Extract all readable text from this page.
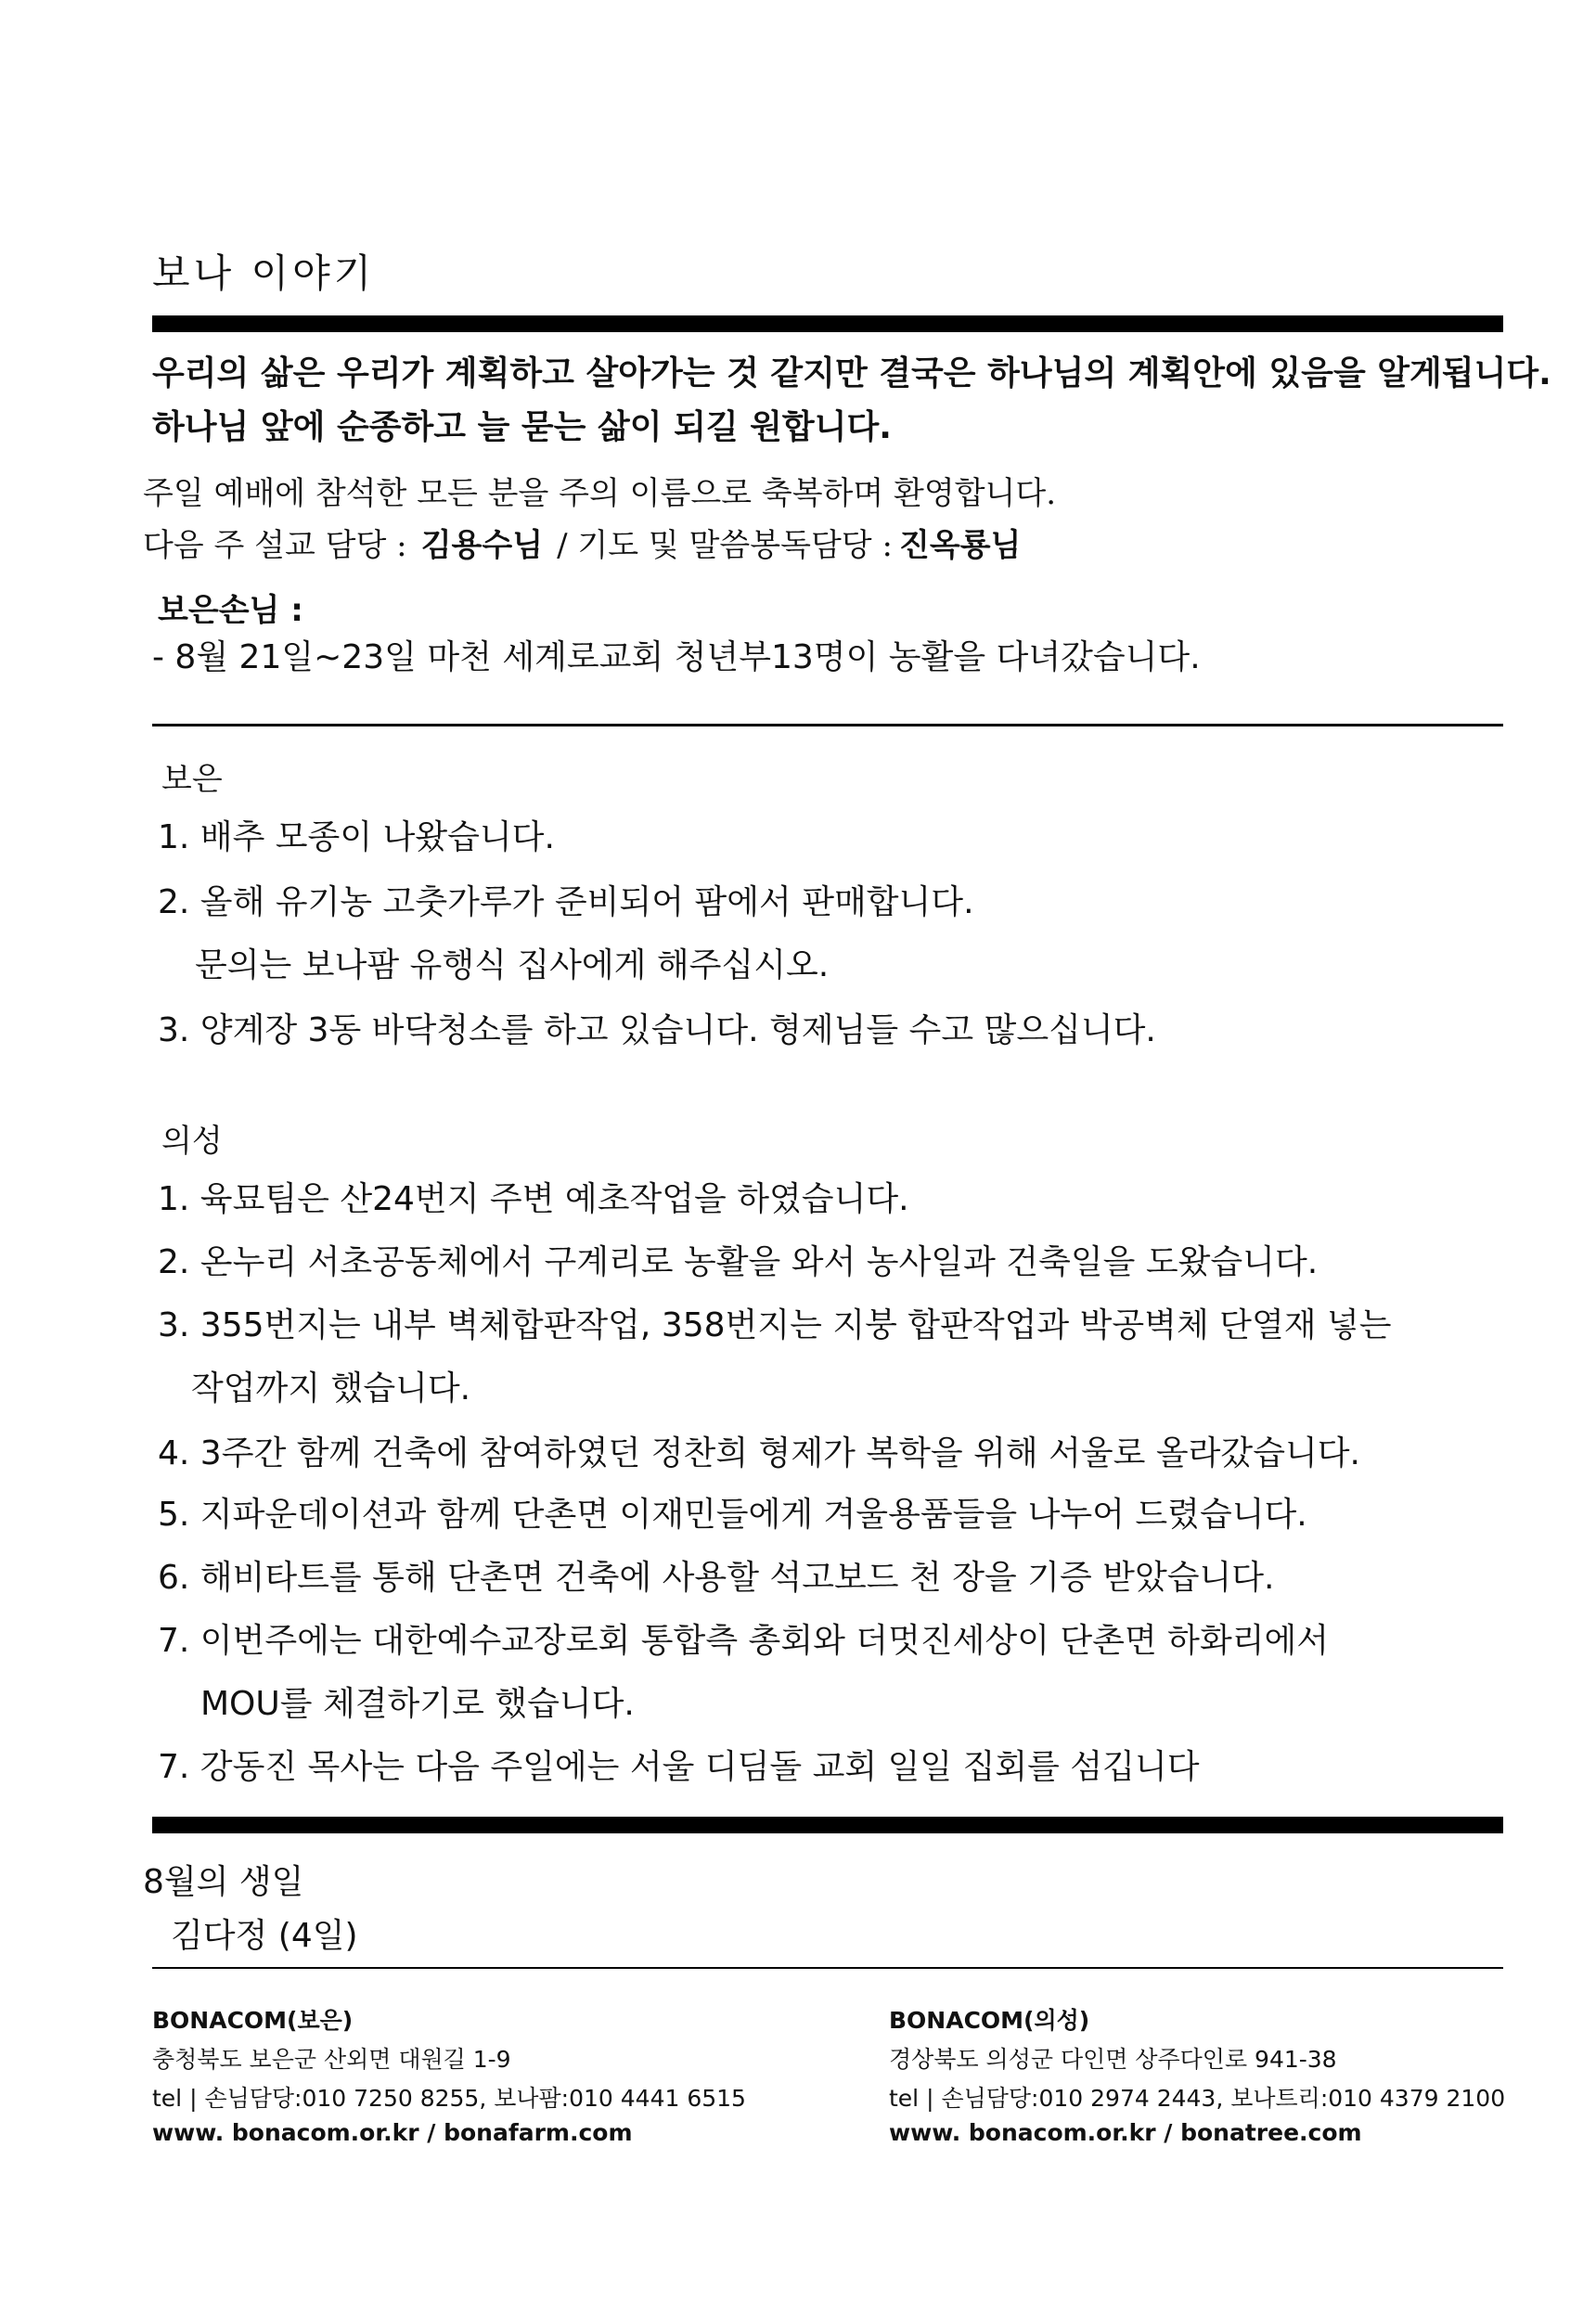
보나 이야기
우리의 삶은 우리가 계획하고 살아가는 것 같지만 결국은 하나님의 계획안에 있음을 알게됩니다.
하나님 앞에 순종하고 늘 묻는 삶이 되길 원합니다.
주일 예배에 참석한 모든 분을 주의 이름으로 축복하며 환영합니다.
다음 주 설교 담당 : 김용수님 / 기도 및 말씀봉독담당 : 진옥룡님
보은손님 :
- 8월 21일~23일 마천 세계로교회 청년부13명이 농활을 다녀갔습니다.
보은
1. 배추 모종이 나왔습니다.
2. 올해 유기농 고춧가루가 준비되어 팜에서 판매합니다.
문의는 보나팜 유행식 집사에게 해주십시오.
3. 양계장 3동 바닥청소를 하고 있습니다. 형제님들 수고 많으십니다.
의성
1. 육묘팀은 산24번지 주변 예초작업을 하였습니다.
2. 온누리 서초공동체에서 구계리로 농활을 와서 농사일과 건축일을 도왔습니다.
3. 355번지는 내부 벽체합판작업, 358번지는 지붕 합판작업과 박공벽체 단열재 넣는
작업까지 했습니다.
4. 3주간 함께 건축에 참여하였던 정찬희 형제가 복학을 위해 서울로 올라갔습니다.
5. 지파운데이션과 함께 단촌면 이재민들에게 겨울용품들을 나누어 드렸습니다.
6. 해비타트를 통해 단촌면 건축에 사용할 석고보드 천 장을 기증 받았습니다.
7. 이번주에는 대한예수교장로회 통합측 총회와 더멋진세상이 단촌면 하화리에서
MOU를 체결하기로 했습니다.
7. 강동진 목사는 다음 주일에는 서울 디딤돌 교회 일일 집회를 섬깁니다
8월의 생일
김다정 (4일)
BONACOM(보은)
충청북도 보은군 산외면 대원길 1-9
tel | 손님담당:010 7250 8255, 보나팜:010 4441 6515
www. bonacom.or.kr / bonafarm.com
BONACOM(의성)
경상북도 의성군 다인면 상주다인로 941-38
tel | 손님담당:010 2974 2443, 보나트리:010 4379 2100
www. bonacom.or.kr / bonatree.com
